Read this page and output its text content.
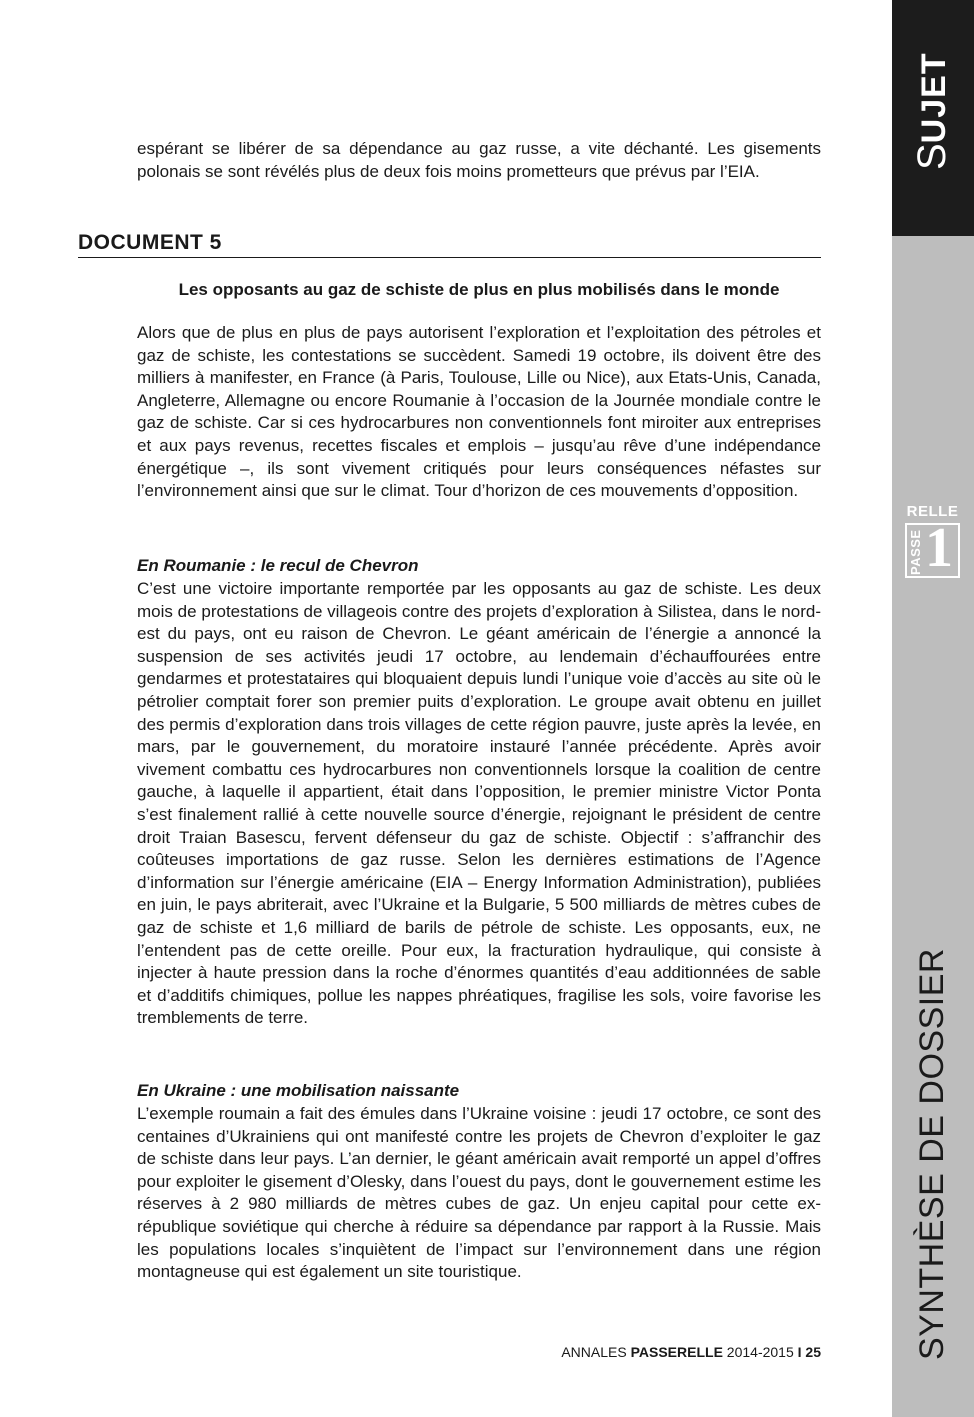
SUJET
RELLE
PASSE 1
SYNTHÈSE DE DOSSIER

espérant se libérer de sa dépendance au gaz russe, a vite déchanté. Les gisements polonais se sont révélés plus de deux fois moins prometteurs que prévus par l’EIA.

DOCUMENT 5
Les opposants au gaz de schiste de plus en plus mobilisés dans le monde

Alors que de plus en plus de pays autorisent l’exploration et l’exploitation des pétroles et gaz de schiste, les contestations se succèdent. Samedi 19 octobre, ils doivent être des milliers à manifester, en France (à Paris, Toulouse, Lille ou Nice), aux Etats-Unis, Canada, Angleterre, Allemagne ou encore Roumanie à l’occasion de la Journée mondiale contre le gaz de schiste. Car si ces hydrocarbures non conventionnels font miroiter aux entreprises et aux pays revenus, recettes fiscales et emplois – jusqu’au rêve d’une indépendance énergétique –, ils sont vivement critiqués pour leurs conséquences néfastes sur l’environnement ainsi que sur le climat. Tour d’horizon de ces mouvements d’opposition.

En Roumanie : le recul de Chevron

C’est une victoire importante remportée par les opposants au gaz de schiste. Les deux mois de protestations de villageois contre des projets d’exploration à Silistea, dans le nord-est du pays, ont eu raison de Chevron. Le géant américain de l’énergie a annoncé la suspension de ses activités jeudi 17 octobre, au lendemain d’échauffourées entre gendarmes et protestataires qui bloquaient depuis lundi l’unique voie d’accès au site où le pétrolier comptait forer son premier puits d’exploration. Le groupe avait obtenu en juillet des permis d’exploration dans trois villages de cette région pauvre, juste après la levée, en mars, par le gouvernement, du moratoire instauré l’année précédente. Après avoir vivement combattu ces hydrocarbures non conventionnels lorsque la coalition de centre gauche, à laquelle il appartient, était dans l’opposition, le premier ministre Victor Ponta s’est finalement rallié à cette nouvelle source d’énergie, rejoignant le président de centre droit Traian Basescu, fervent défenseur du gaz de schiste. Objectif : s’affranchir des coûteuses importations de gaz russe. Selon les dernières estimations de l’Agence d’information sur l’énergie américaine (EIA – Energy Information Administration), publiées en juin, le pays abriterait, avec l’Ukraine et la Bulgarie, 5 500 milliards de mètres cubes de gaz de schiste et 1,6 milliard de barils de pétrole de schiste. Les opposants, eux, ne l’entendent pas de cette oreille. Pour eux, la fracturation hydraulique, qui consiste à injecter à haute pression dans la roche d’énormes quantités d’eau additionnées de sable et d’additifs chimiques, pollue les nappes phréatiques, fragilise les sols, voire favorise les tremblements de terre.

En Ukraine : une mobilisation naissante

L’exemple roumain a fait des émules dans l’Ukraine voisine : jeudi 17 octobre, ce sont des centaines d’Ukrainiens qui ont manifesté contre les projets de Chevron d’exploiter le gaz de schiste dans leur pays. L’an dernier, le géant américain avait remporté un appel d’offres pour exploiter le gisement d’Olesky, dans l’ouest du pays, dont le gouvernement estime les réserves à 2 980 milliards de mètres cubes de gaz. Un enjeu capital pour cette ex-république soviétique qui cherche à réduire sa dépendance par rapport à la Russie. Mais les populations locales s’inquiètent de l’impact sur l’environnement dans une région montagneuse qui est également un site touristique.

ANNALES PASSERELLE 2014-2015 I 25
